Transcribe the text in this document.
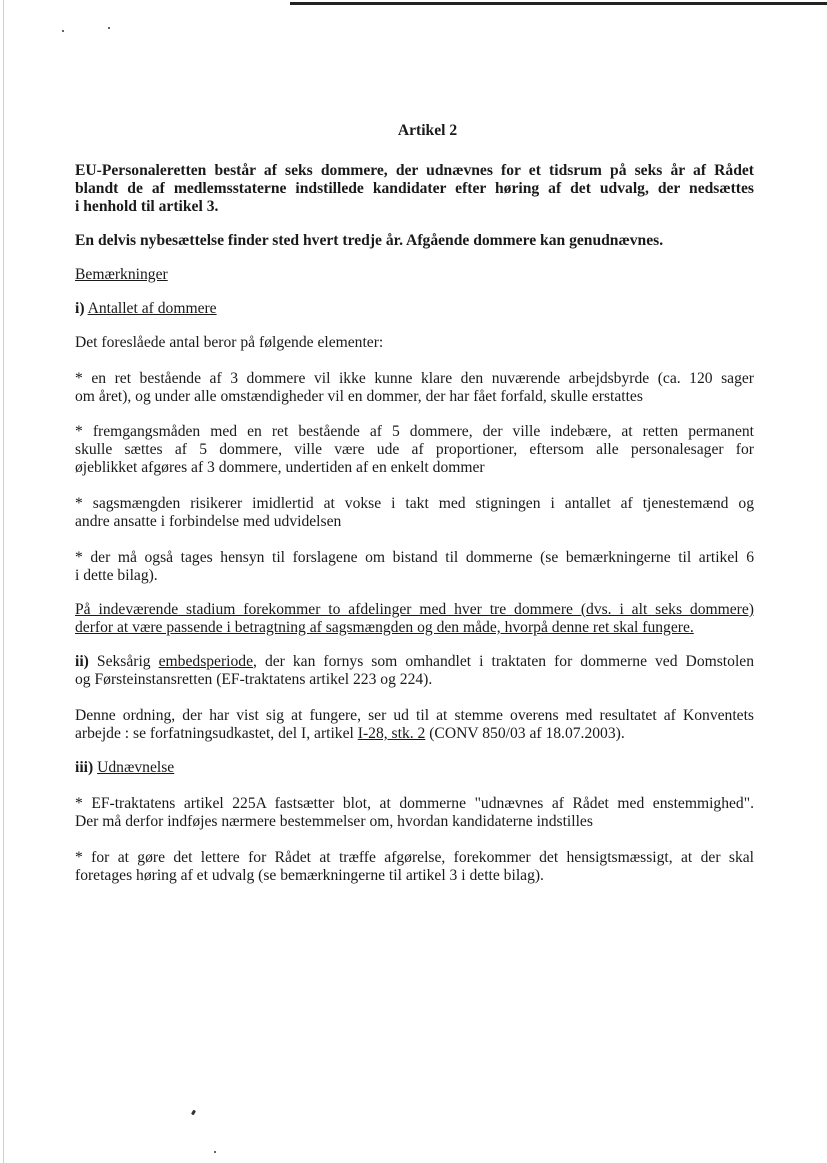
Artikel 2

EU-Personaleretten består af seks dommere, der udnævnes for et tidsrum på seks år af Rådet

blandt de af medlemsstaterne indstillede kandidater efter høring af det udvalg, der nedsættes

i henhold til artikel 3.

En delvis nybesættelse finder sted hvert tredje år. Afgående dommere kan genudnævnes.

Bemærkninger

i) Antallet af dommere

Det foreslåede antal beror på følgende elementer:

* en ret bestående af 3 dommere vil ikke kunne klare den nuværende arbejdsbyrde (ca. 120 sager

om året), og under alle omstændigheder vil en dommer, der har fået forfald, skulle erstattes

* fremgangsmåden med en ret bestående af 5 dommere, der ville indebære, at retten permanent

skulle sættes af 5 dommere, ville være ude af proportioner, eftersom alle personalesager for

øjeblikket afgøres af 3 dommere, undertiden af en enkelt dommer

* sagsmængden risikerer imidlertid at vokse i takt med stigningen i antallet af tjenestemænd og

andre ansatte i forbindelse med udvidelsen

* der må også tages hensyn til forslagene om bistand til dommerne (se bemærkningerne til artikel 6

i dette bilag).

På indeværende stadium forekommer to afdelinger med hver tre dommere (dvs. i alt seks dommere)

derfor at være passende i betragtning af sagsmængden og den måde, hvorpå denne ret skal fungere.

ii) Seksårig embedsperiode, der kan fornys som omhandlet i traktaten for dommerne ved Domstolen

og Førsteinstansretten (EF-traktatens artikel 223 og 224).

Denne ordning, der har vist sig at fungere, ser ud til at stemme overens med resultatet af Konventets

arbejde : se forfatningsudkastet, del I, artikel I-28, stk. 2 (CONV 850/03 af 18.07.2003).

iii) Udnævnelse

* EF-traktatens artikel 225A fastsætter blot, at dommerne "udnævnes af Rådet med enstemmighed".

Der må derfor indføjes nærmere bestemmelser om, hvordan kandidaterne indstilles

* for at gøre det lettere for Rådet at træffe afgørelse, forekommer det hensigtsmæssigt, at der skal

foretages høring af et udvalg (se bemærkningerne til artikel 3 i dette bilag).
